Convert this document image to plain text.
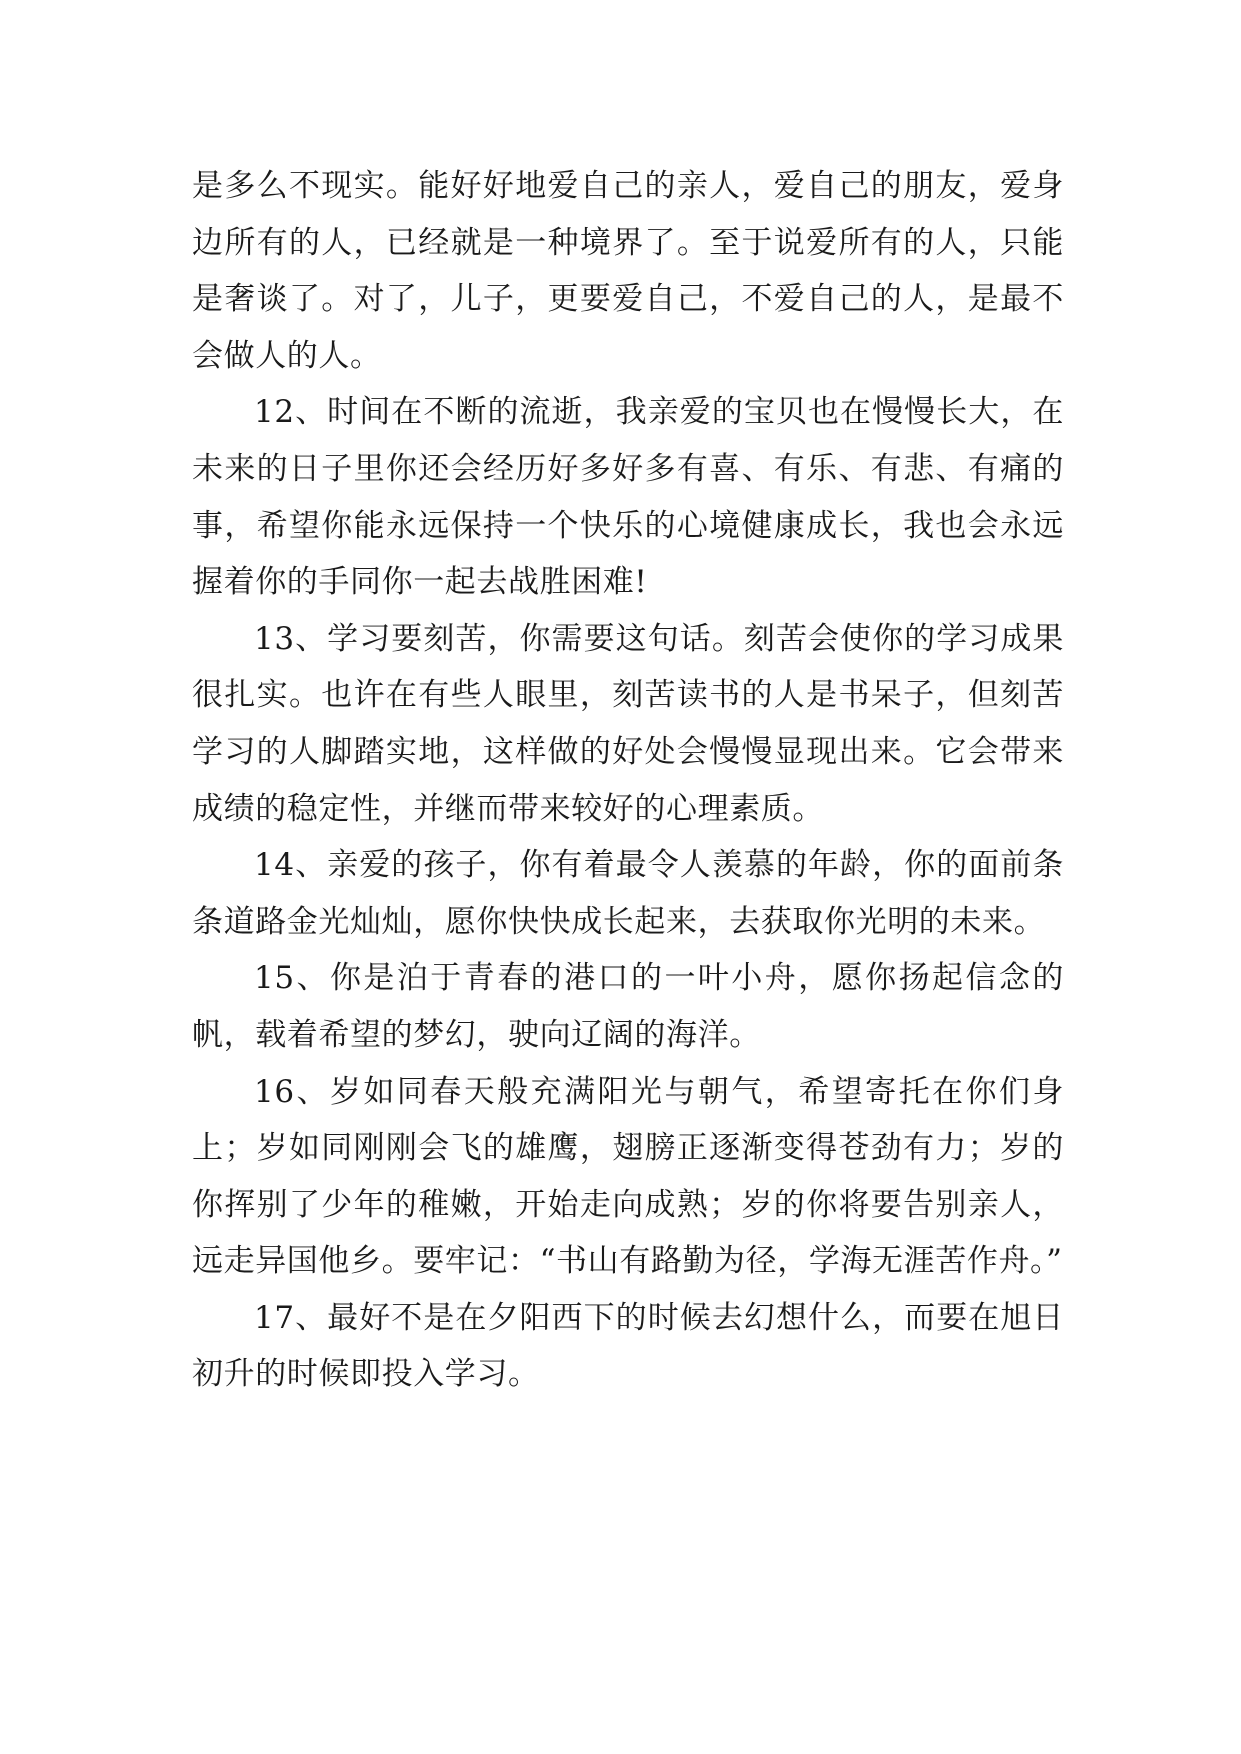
是多么不现实。能好好地爱自己的亲人，爱自己的朋友，爱身边所有的人，已经就是一种境界了。至于说爱所有的人，只能是奢谈了。对了，儿子，更要爱自己，不爱自己的人，是最不会做人的人。

12、时间在不断的流逝，我亲爱的宝贝也在慢慢长大，在未来的日子里你还会经历好多好多有喜、有乐、有悲、有痛的事，希望你能永远保持一个快乐的心境健康成长，我也会永远握着你的手同你一起去战胜困难!

13、学习要刻苦，你需要这句话。刻苦会使你的学习成果很扎实。也许在有些人眼里，刻苦读书的人是书呆子，但刻苦学习的人脚踏实地，这样做的好处会慢慢显现出来。它会带来成绩的稳定性，并继而带来较好的心理素质。

14、亲爱的孩子，你有着最令人羡慕的年龄，你的面前条条道路金光灿灿，愿你快快成长起来，去获取你光明的未来。

15、你是泊于青春的港口的一叶小舟，愿你扬起信念的帆，载着希望的梦幻，驶向辽阔的海洋。

16、岁如同春天般充满阳光与朝气，希望寄托在你们身上；岁如同刚刚会飞的雄鹰，翅膀正逐渐变得苍劲有力；岁的你挥别了少年的稚嫩，开始走向成熟；岁的你将要告别亲人，远走异国他乡。要牢记：“书山有路勤为径，学海无涯苦作舟。”

17、最好不是在夕阳西下的时候去幻想什么，而要在旭日初升的时候即投入学习。
